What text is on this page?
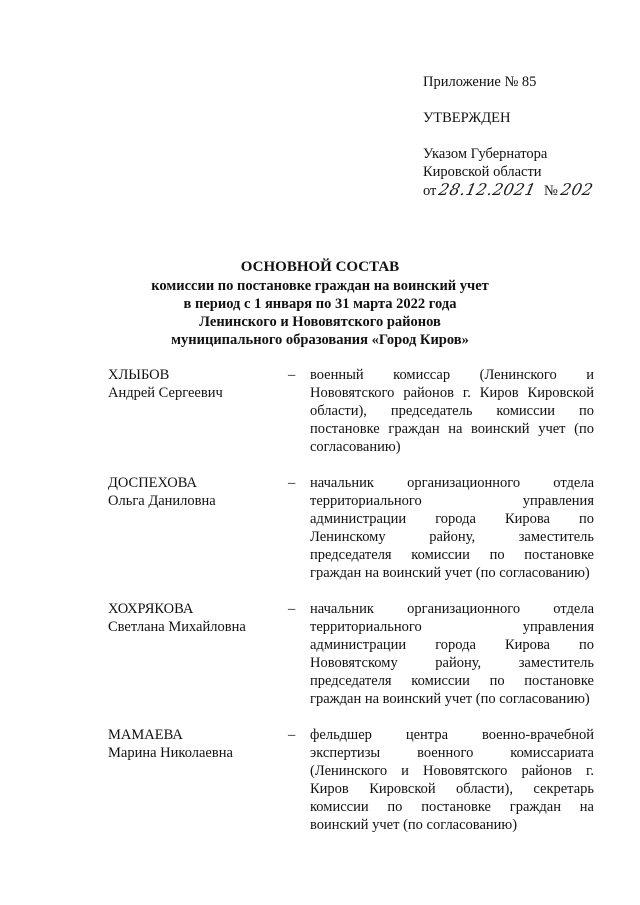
Приложение № 85
УТВЕРЖДЕН
Указом Губернатора
Кировской области
от 28.12.2021 № 202
ОСНОВНОЙ СОСТАВ
комиссии по постановке граждан на воинский учет
в период с 1 января по 31 марта 2022 года
Ленинского и Нововятского районов
муниципального образования «Город Киров»
ХЛЫБОВ
Андрей Сергеевич
–	военный комиссар (Ленинского и Нововятского районов г. Киров Кировской области), председатель комиссии по постановке граждан на воинский учет (по согласованию)
ДОСПЕХОВА
Ольга Даниловна
–	начальник организационного отдела территориального управления администрации города Кирова по Ленинскому району, заместитель председателя комиссии по постановке граждан на воинский учет (по согласованию)
ХОХРЯКОВА
Светлана Михайловна
–	начальник организационного отдела территориального управления администрации города Кирова по Нововятскому району, заместитель председателя комиссии по постановке граждан на воинский учет (по согласованию)
МАМАЕВА
Марина Николаевна
–	фельдшер центра военно-врачебной экспертизы военного комиссариата (Ленинского и Нововятского районов г. Киров Кировской области), секретарь комиссии по постановке граждан на воинский учет (по согласованию)
